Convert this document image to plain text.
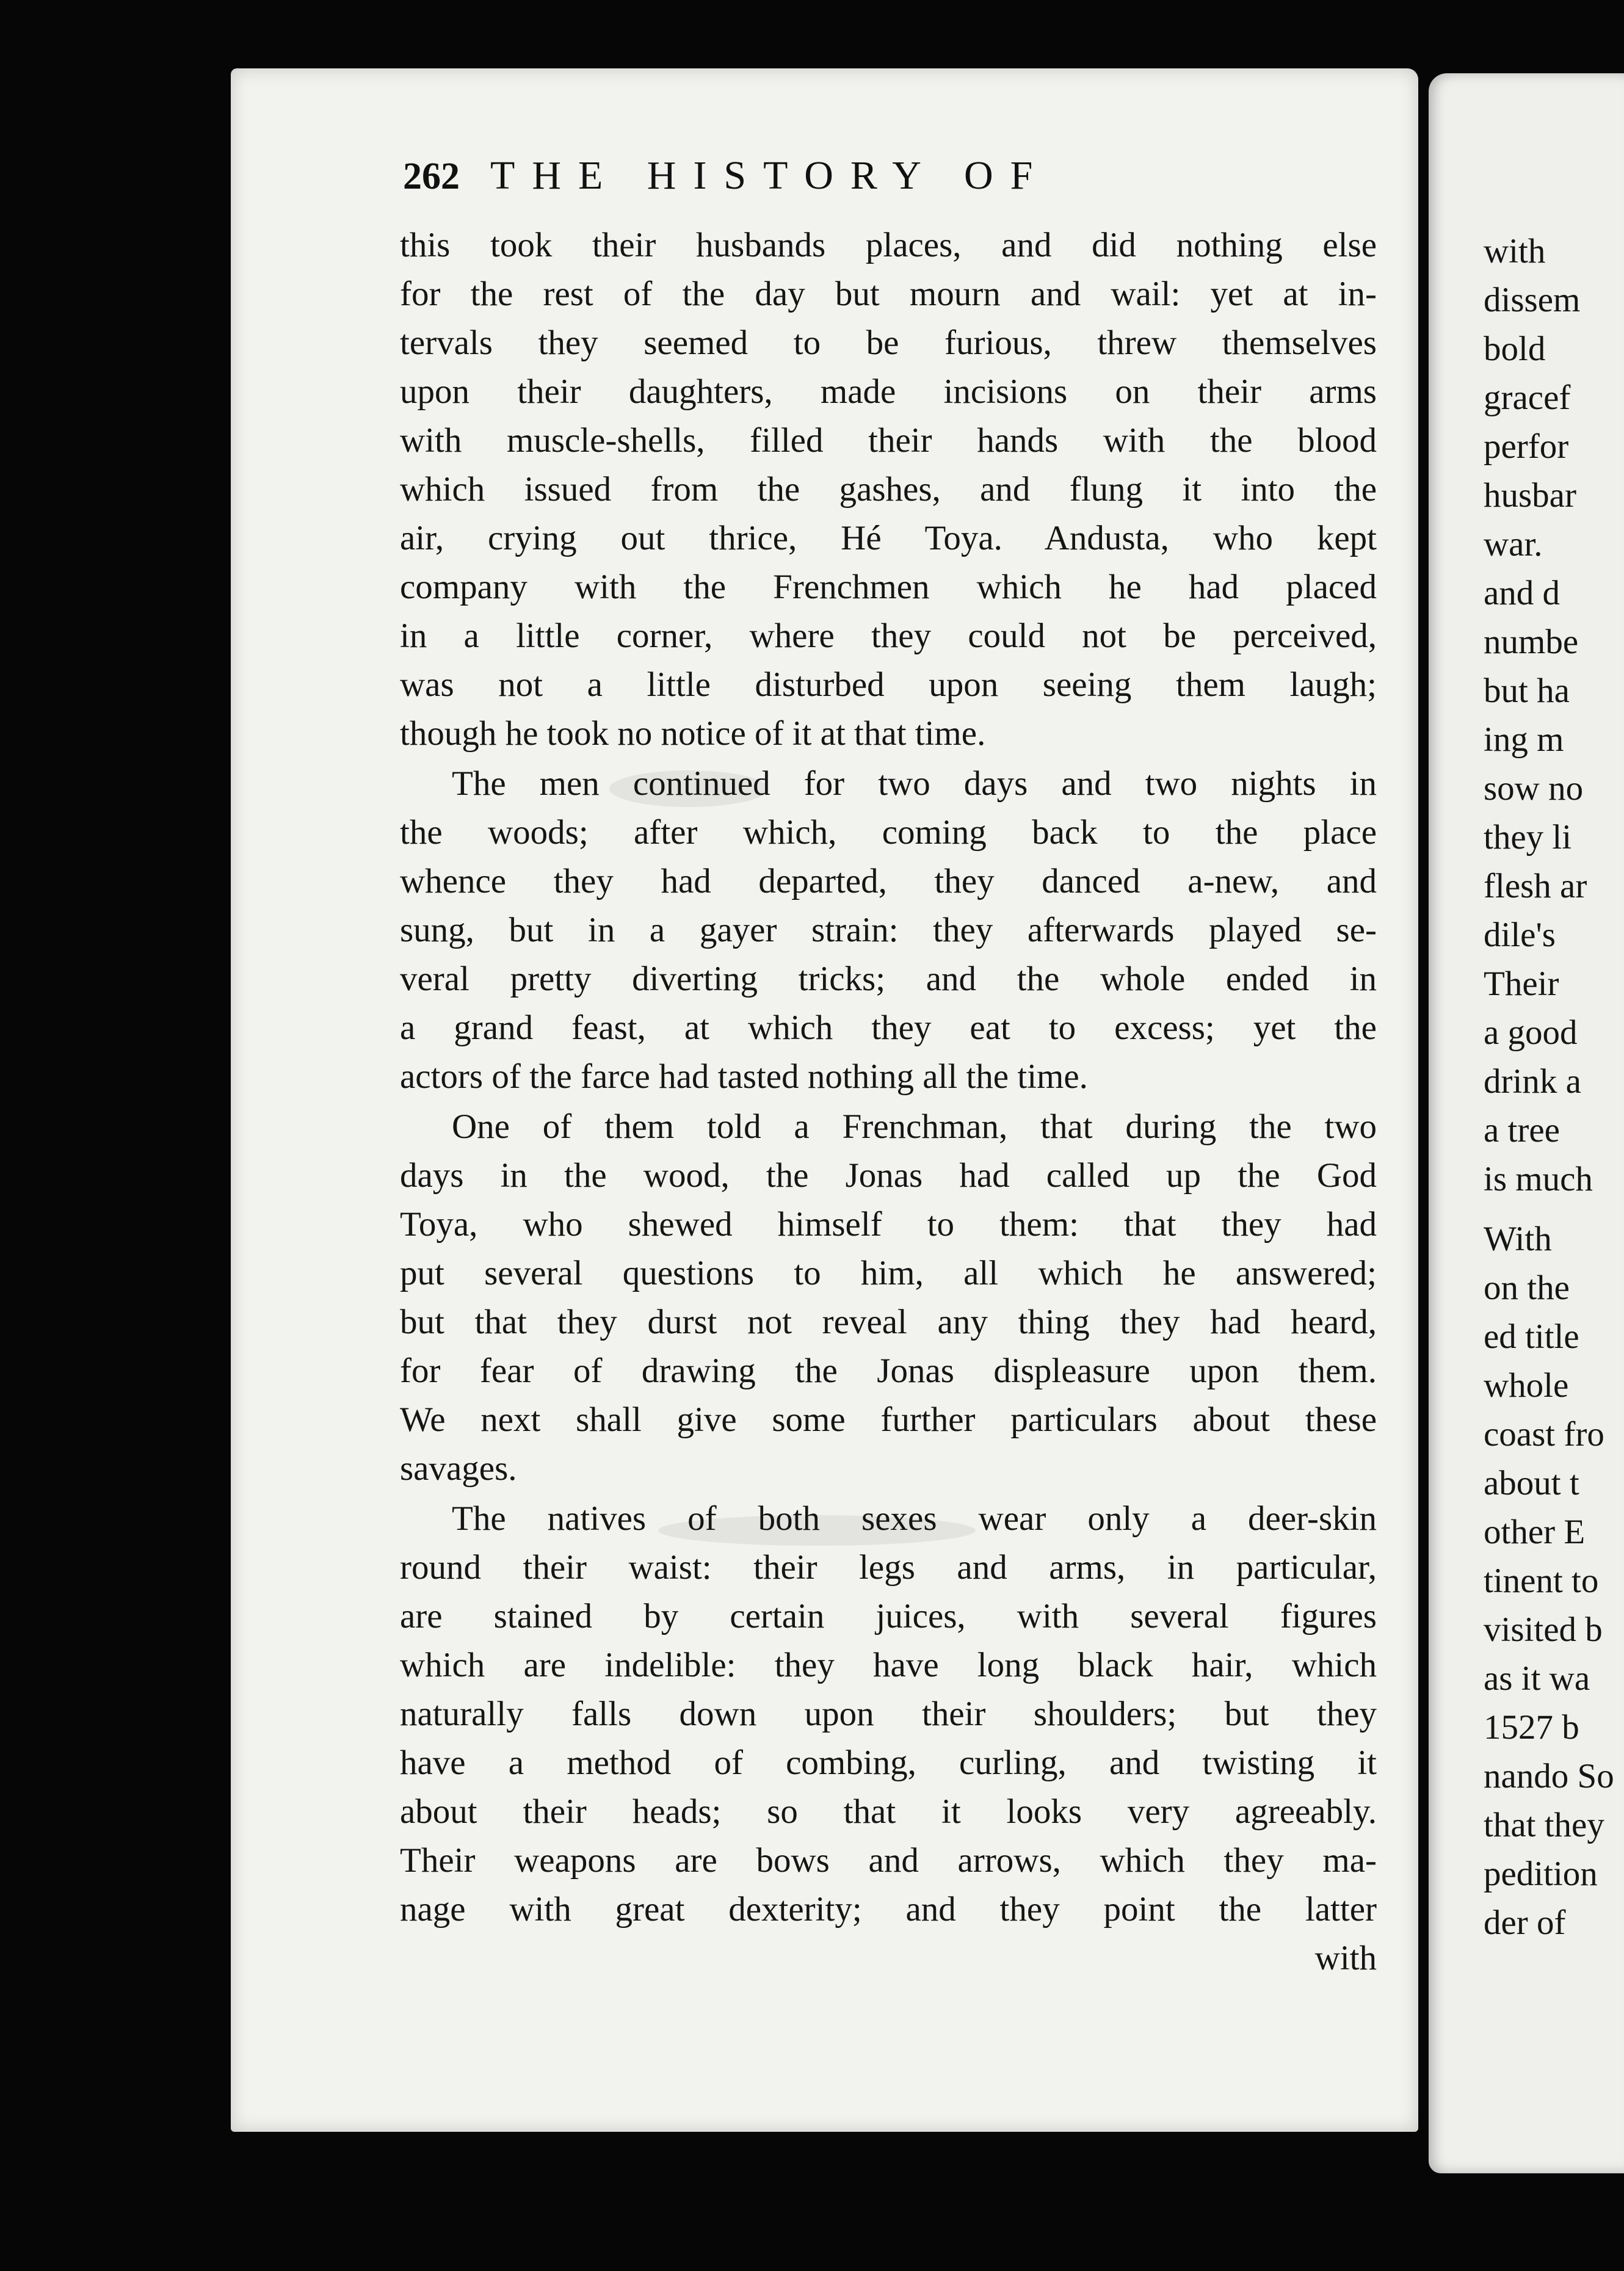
262 THE HISTORY OF
this took their husbands places, and did nothing else
for the rest of the day but mourn and wail: yet at in-
tervals they seemed to be furious, threw themselves
upon their daughters, made incisions on their arms
with muscle-shells, filled their hands with the blood
which issued from the gashes, and flung it into the
air, crying out thrice, Hé Toya. Andusta, who kept
company with the Frenchmen which he had placed
in a little corner, where they could not be perceived,
was not a little disturbed upon seeing them laugh;
though he took no notice of it at that time.
The men continued for two days and two nights in
the woods; after which, coming back to the place
whence they had departed, they danced a-new, and
sung, but in a gayer strain: they afterwards played se-
veral pretty diverting tricks; and the whole ended in
a grand feast, at which they eat to excess; yet the
actors of the farce had tasted nothing all the time.
One of them told a Frenchman, that during the two
days in the wood, the Jonas had called up the God
Toya, who shewed himself to them: that they had
put several questions to him, all which he answered;
but that they durst not reveal any thing they had heard,
for fear of drawing the Jonas displeasure upon them.
We next shall give some further particulars about these
savages.
The natives of both sexes wear only a deer-skin
round their waist: their legs and arms, in particular,
are stained by certain juices, with several figures
which are indelible: they have long black hair, which
naturally falls down upon their shoulders; but they
have a method of combing, curling, and twisting it
about their heads; so that it looks very agreeably.
Their weapons are bows and arrows, which they ma-
nage with great dexterity; and they point the latter
with
with
dissem
bold
gracef
perfor
husbar
war.
and d
numbe
but ha
ing m
sow no
they li
flesh ar
dile's
Their
a good
drink a
a tree
is much
With
on the
ed title
whole
coast fro
about t
other E
tinent to
visited b
as it wa
1527 b
nando So
that they
pedition
der of
